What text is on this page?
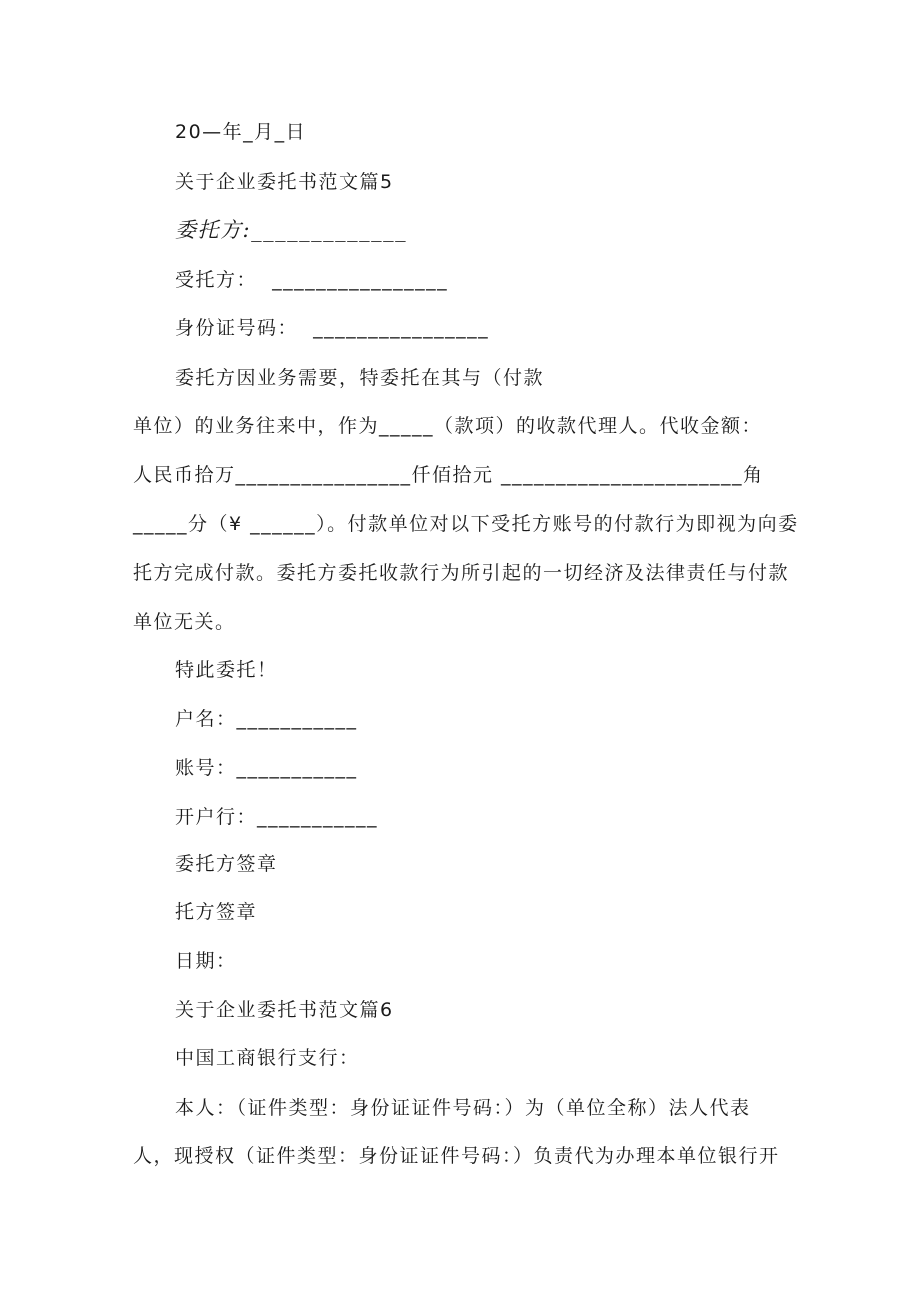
20—年_月_日
关于企业委托书范文篇5
委托方:_____________
受托方：  ________________
身份证号码：  ________________
委托方因业务需要，特委托在其与（付款
单位）的业务往来中，作为_____（款项）的收款代理人。代收金额：
人民币拾万________________仟佰拾元 ______________________角
_____分（¥ ______）。付款单位对以下受托方账号的付款行为即视为向委
托方完成付款。委托方委托收款行为所引起的一切经济及法律责任与付款
单位无关。
特此委托！
户名：___________
账号：___________
开户行：___________
委托方签章
托方签章
日期：
关于企业委托书范文篇6
中国工商银行支行：
本人：（证件类型：身份证证件号码：）为（单位全称）法人代表
人，现授权（证件类型：身份证证件号码：）负责代为办理本单位银行开
